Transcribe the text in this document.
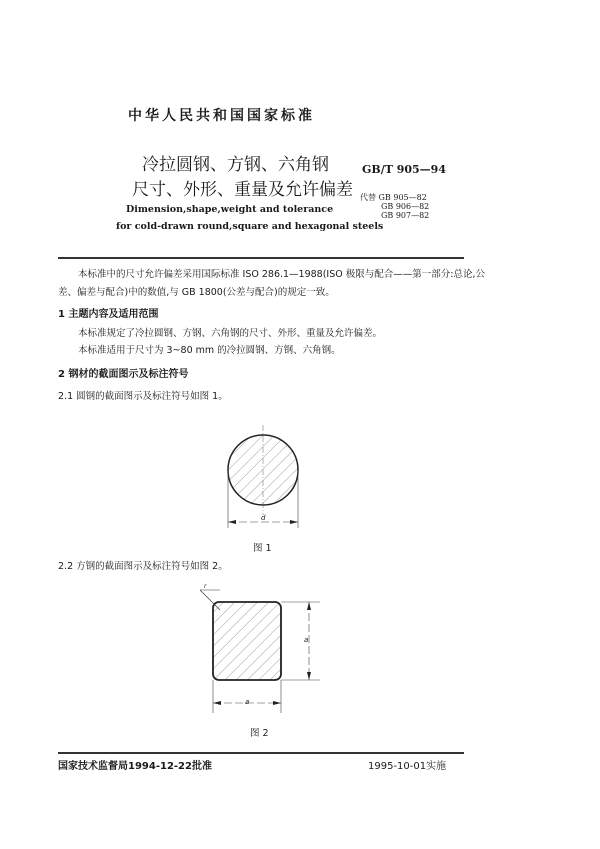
中华人民共和国国家标准
冷拉圆钢、方钢、六角钢
尺寸、外形、重量及允许偏差
Dimension,shape,weight and tolerance
for cold-drawn round,square and hexagonal steels
GB/T 905—94
代替 GB 905—82
GB 906—82
GB 907—82
本标准中的尺寸允许偏差采用国际标准 ISO 286.1—1988(ISO 极限与配合——第一部分:总论,公
差、偏差与配合)中的数值,与 GB 1800(公差与配合)的规定一致。
1 主题内容及适用范围
本标准规定了冷拉圆钢、方钢、六角钢的尺寸、外形、重量及允许偏差。
本标准适用于尺寸为 3~80 mm 的冷拉圆钢、方钢、六角钢。
2 钢材的截面图示及标注符号
2.1 圆钢的截面图示及标注符号如图 1。
d
图 1
2.2 方钢的截面图示及标注符号如图 2。
r
a
a
图 2
国家技术监督局1994-12-22批准	1995-10-01实施
